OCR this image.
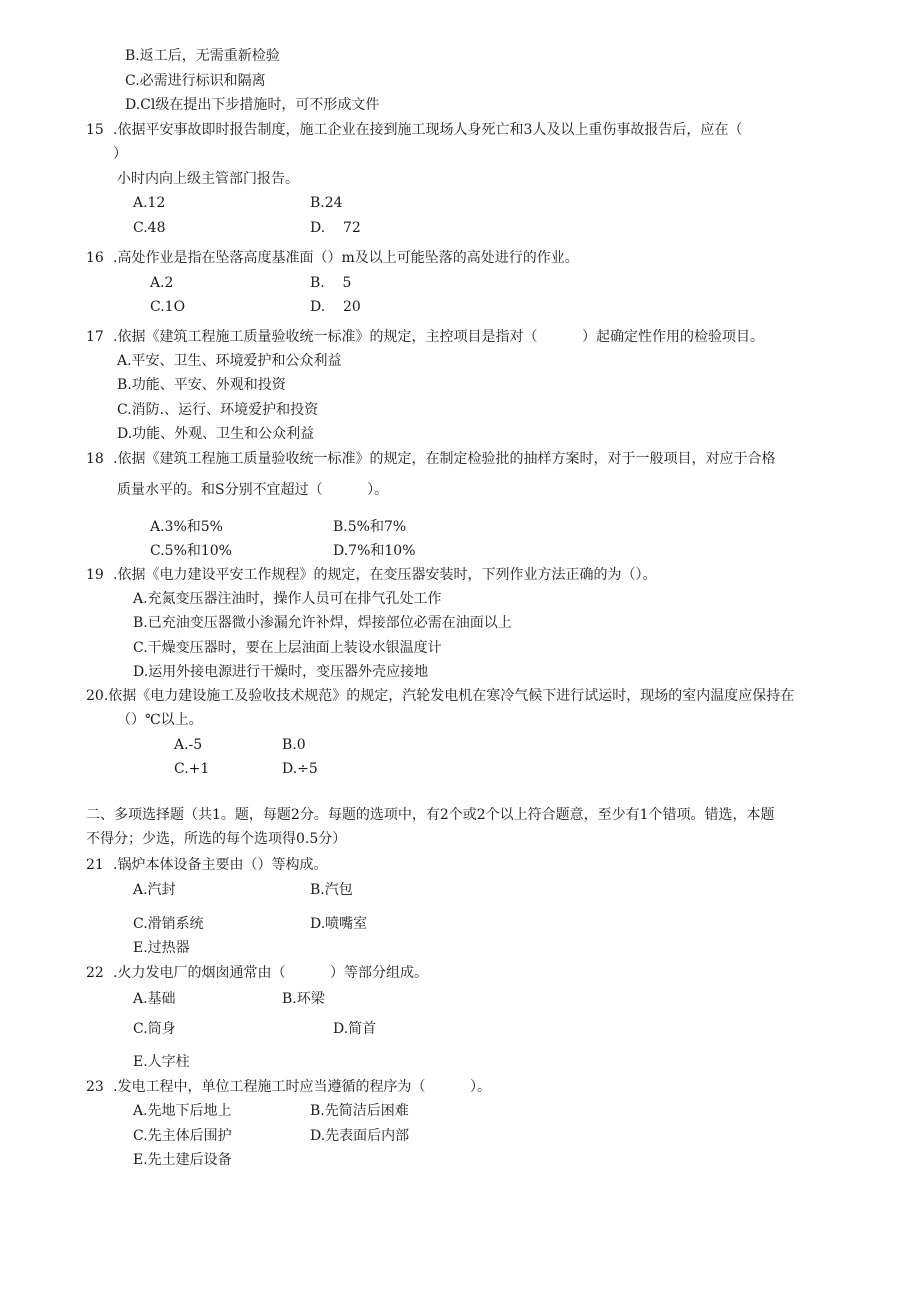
B.返工后，无需重新检验
C.必需进行标识和隔离
D.Cl级在提出下步措施时，可不形成文件
15 .依据平安事故即时报告制度，施工企业在接到施工现场人身死亡和3人及以上重伤事故报告后，应在（
）
小时内向上级主管部门报告。
A.12	B.24
C.48	D.    72
16 .高处作业是指在坠落高度基准面（）m及以上可能坠落的高处进行的作业。
A.2	B.    5
C.1O	D.    20
17 .依据《建筑工程施工质量验收统一标准》的规定，主控项目是指对（          ）起确定性作用的检验项目。
A.平安、卫生、环境爱护和公众利益
B.功能、平安、外观和投资
C.消防.、运行、环境爱护和投资
D.功能、外观、卫生和公众利益
18 .依据《建筑工程施工质量验收统一标准》的规定，在制定检验批的抽样方案时，对于一般项目，对应于合格
质量水平的。和S分别不宜超过（          ）。
A.3%和5%	B.5%和7%
C.5%和10%	D.7%和10%
19 .依据《电力建设平安工作规程》的规定，在变压器安装时，下列作业方法正确的为（）。
A.充氮变压器注油时，操作人员可在排气孔处工作
B.已充油变压器微小渗漏允许补焊，焊接部位必需在油面以上
C.干燥变压器时，要在上层油面上装设水银温度计
D.运用外接电源进行干燥时，变压器外壳应接地
20.依据《电力建设施工及验收技术规范》的规定，汽轮发电机在寒冷气候下进行试运时，现场的室内温度应保持在
（）℃以上。
A.-5	B.0
C.+1	D.÷5
二、多项选择题（共1。题，每题2分。每题的选项中，有2个或2个以上符合题意，至少有1个错项。错选，本题
不得分；少选，所选的每个选项得0.5分）
21 .锅炉本体设备主要由（）等构成。
A.汽封	B.汽包
C.滑销系统	D.喷嘴室
E.过热器
22 .火力发电厂的烟囱通常由（          ）等部分组成。
A.基础	B.环梁
C.筒身	D.简首
E.人字柱
23 .发电工程中，单位工程施工时应当遵循的程序为（          ）。
A.先地下后地上	B.先简洁后困难
C.先主体后围护	D.先表面后内部
E.先土建后设备
